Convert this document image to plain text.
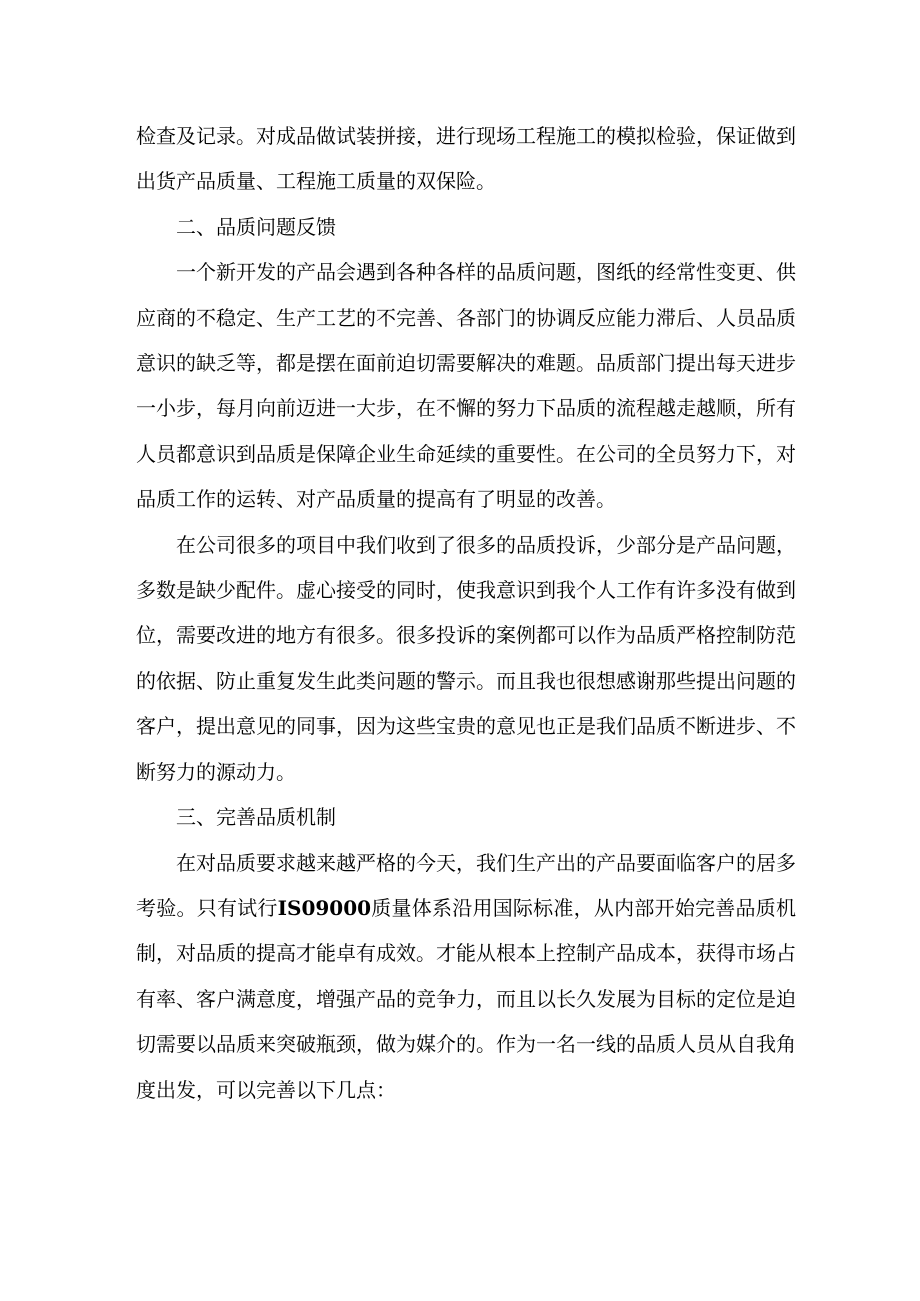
检查及记录。对成品做试装拼接，进行现场工程施工的模拟检验，保证做到出货产品质量、工程施工质量的双保险。

二、品质问题反馈

一个新开发的产品会遇到各种各样的品质问题，图纸的经常性变更、供应商的不稳定、生产工艺的不完善、各部门的协调反应能力滞后、人员品质意识的缺乏等，都是摆在面前迫切需要解决的难题。品质部门提出每天进步一小步，每月向前迈进一大步，在不懈的努力下品质的流程越走越顺，所有人员都意识到品质是保障企业生命延续的重要性。在公司的全员努力下，对品质工作的运转、对产品质量的提高有了明显的改善。

在公司很多的项目中我们收到了很多的品质投诉，少部分是产品问题，多数是缺少配件。虚心接受的同时，使我意识到我个人工作有许多没有做到位，需要改进的地方有很多。很多投诉的案例都可以作为品质严格控制防范的依据、防止重复发生此类问题的警示。而且我也很想感谢那些提出问题的客户，提出意见的同事，因为这些宝贵的意见也正是我们品质不断进步、不断努力的源动力。

三、完善品质机制

在对品质要求越来越严格的今天，我们生产出的产品要面临客户的居多考验。只有试行IS09000质量体系沿用国际标准，从内部开始完善品质机制，对品质的提高才能卓有成效。才能从根本上控制产品成本，获得市场占有率、客户满意度，增强产品的竞争力，而且以长久发展为目标的定位是迫切需要以品质来突破瓶颈，做为媒介的。作为一名一线的品质人员从自我角度出发，可以完善以下几点：
